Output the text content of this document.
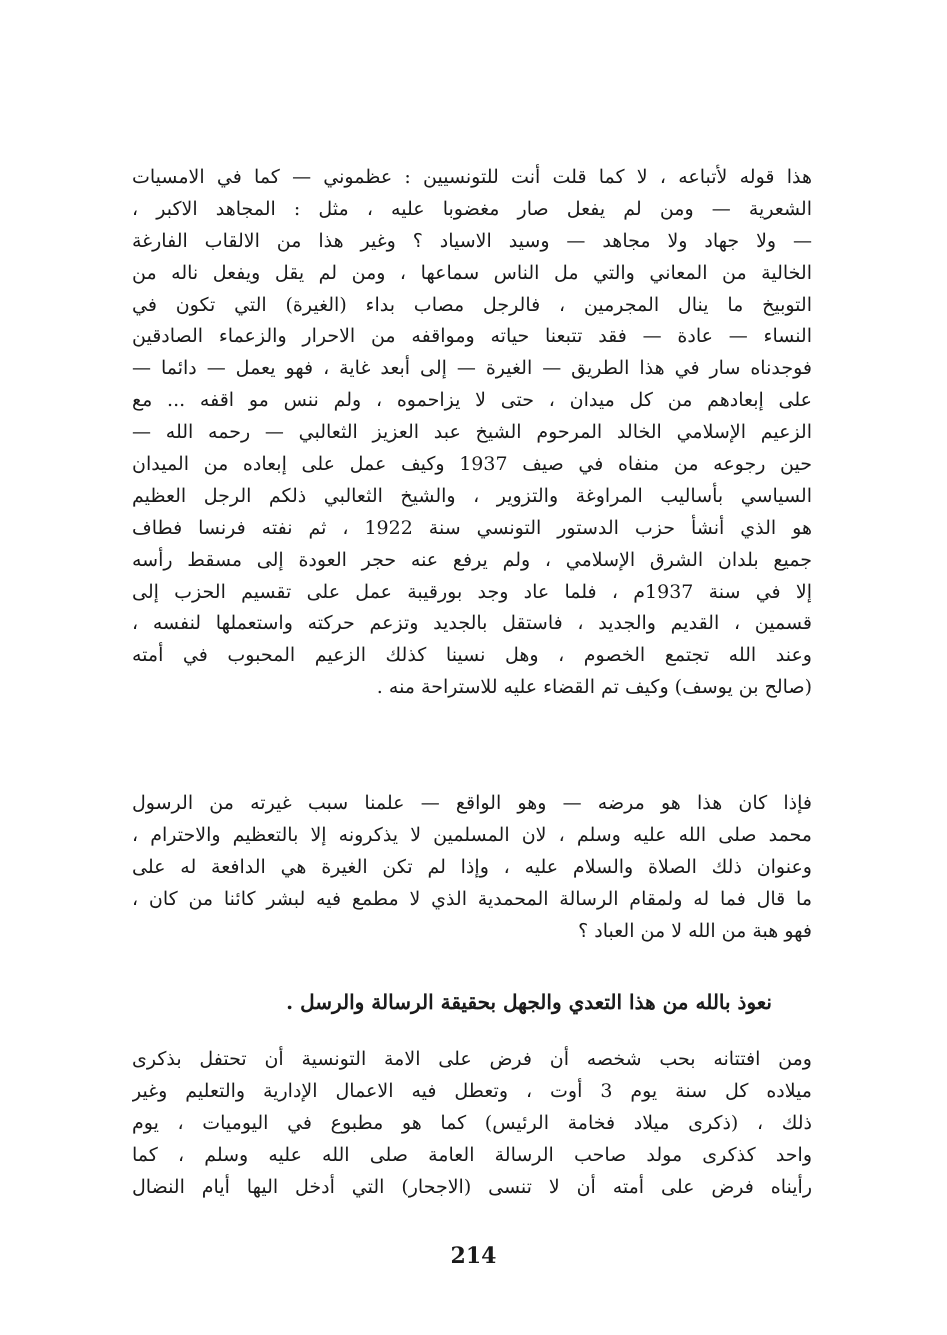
هذا قوله لأتباعه ، لا كما قلت أنت للتونسيين : عظموني — كما في الامسيات
الشعرية — ومن لم يفعل صار مغضوبا عليه ، مثل : المجاهد الاكبر ،
— ولا جهاد ولا مجاهد — وسيد الاسياد ؟ وغير هذا من الالقاب الفارغة
الخالية من المعاني والتي مل الناس سماعها ، ومن لم يقل ويفعل ناله من
التوبيخ ما ينال المجرمين ، فالرجل مصاب بداء (الغيرة) التي تكون في
النساء — عادة — فقد تتبعنا حياته ومواقفه من الاحرار والزعماء الصادقين
فوجدناه سار في هذا الطريق — الغيرة — إلى أبعد غاية ، فهو يعمل — دائما —
على إبعادهم من كل ميدان ، حتى لا يزاحموه ، ولم ننس مو اقفه ... مع
الزعيم الإسلامي الخالد المرحوم الشيخ عبد العزيز الثعالبي — رحمه الله —
حين رجوعه من منفاه في صيف 1937 وكيف عمل على إبعاده من الميدان
السياسي بأساليب المراوغة والتزوير ، والشيخ الثعالبي ذلكم الرجل العظيم
هو الذي أنشأ حزب الدستور التونسي سنة 1922 ، ثم نفته فرنسا فطاف
جميع بلدان الشرق الإسلامي ، ولم يرفع عنه حجر العودة إلى مسقط رأسه
إلا في سنة 1937م ، فلما عاد وجد بورقيبة عمل على تقسيم الحزب إلى
قسمين ، القديم والجديد ، فاستقل بالجديد وتزعم حركته واستعملها لنفسه ،
وعند الله تجتمع الخصوم ، وهل نسينا كذلك الزعيم المحبوب في أمته
(صالح بن يوسف) وكيف تم القضاء عليه للاستراحة منه .
فإذا كان هذا هو مرضه — وهو الواقع — علمنا سبب غيرته من الرسول
محمد صلى الله عليه وسلم ، لان المسلمين لا يذكرونه إلا بالتعظيم والاحترام ،
وعنوان ذلك الصلاة والسلام عليه ، وإذا لم تكن الغيرة هي الدافعة له على
ما قال فما له ولمقام الرسالة المحمدية الذي لا مطمع فيه لبشر كائنا من كان ،
فهو هبة من الله لا من العباد ؟
نعوذ بالله من هذا التعدي والجهل بحقيقة الرسالة والرسل .
ومن افتتانه بحب شخصه أن فرض على الامة التونسية أن تحتفل بذكرى
ميلاده كل سنة يوم 3 أوت ، وتعطل فيه الاعمال الإدارية والتعليم وغير
ذلك ، (ذكرى ميلاد فخامة الرئيس) كما هو مطبوع في اليوميات ، يوم
واحد كذكرى مولد صاحب الرسالة العامة صلى الله عليه وسلم ، كما
رأيناه فرض على أمته أن لا تنسى (الاجحار) التي أدخل اليها أيام النضال
214
